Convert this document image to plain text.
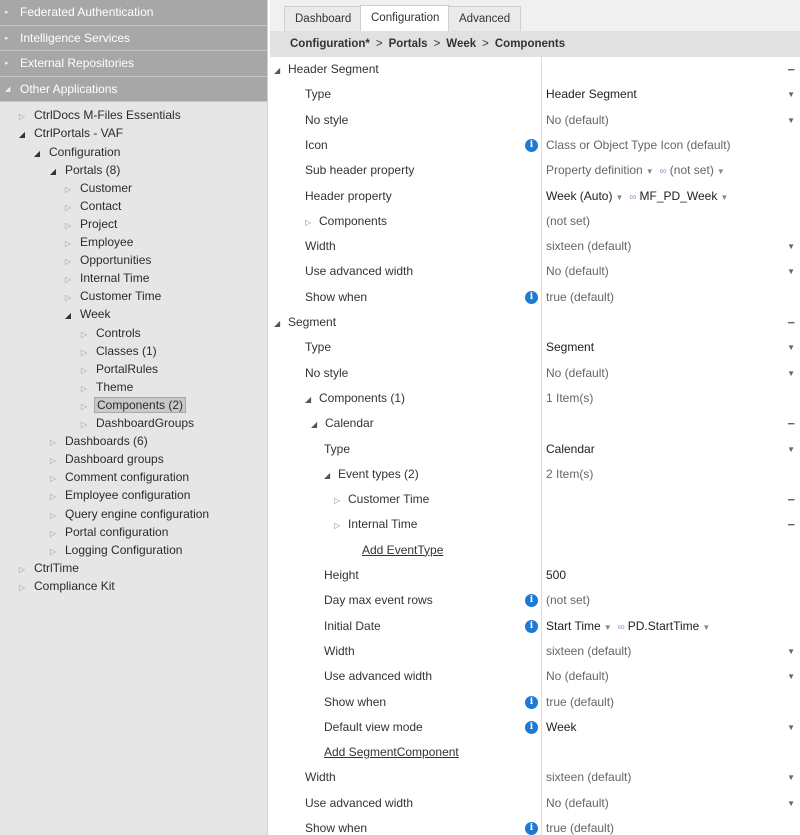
▸ Federated Authentication
▸ Intelligence Services
▸ External Repositories
◢ Other Applications
▷ CtrlDocs M-Files Essentials
◢ CtrlPortals - VAF
◢ Configuration
◢ Portals (8)
▷ Customer
▷ Contact
▷ Project
▷ Employee
▷ Opportunities
▷ Internal Time
▷ Customer Time
◢ Week
▷ Controls
▷ Classes (1)
▷ PortalRules
▷ Theme
▷ Components (2)
▷ DashboardGroups
▷ Dashboards (6)
▷ Dashboard groups
▷ Comment configuration
▷ Employee configuration
▷ Query engine configuration
▷ Portal configuration
▷ Logging Configuration
▷ CtrlTime
▷ Compliance Kit
Dashboard	Configuration	Advanced
Configuration* > Portals > Week > Components
◢ Header Segment	−
Type	Header Segment	▼
No style	No (default)	▼
Icon	i	Class or Object Type Icon (default)
Sub header property	Property definition ▼ ∞ (not set) ▼
Header property	Week (Auto) ▼ ∞ MF_PD_Week ▼
▷ Components	(not set)
Width	sixteen (default)	▼
Use advanced width	No (default)	▼
Show when	i	true (default)
◢ Segment	−
Type	Segment	▼
No style	No (default)	▼
◢ Components (1)	1 Item(s)
◢ Calendar	−
Type	Calendar	▼
◢ Event types (2)	2 Item(s)
▷ Customer Time	−
▷ Internal Time	−
Add EventType
Height	500
Day max event rows	i	(not set)
Initial Date	i	Start Time ▼ ∞ PD.StartTime ▼
Width	sixteen (default)	▼
Use advanced width	No (default)	▼
Show when	i	true (default)
Default view mode	i	Week	▼
Add SegmentComponent
Width	sixteen (default)	▼
Use advanced width	No (default)	▼
Show when	i	true (default)
